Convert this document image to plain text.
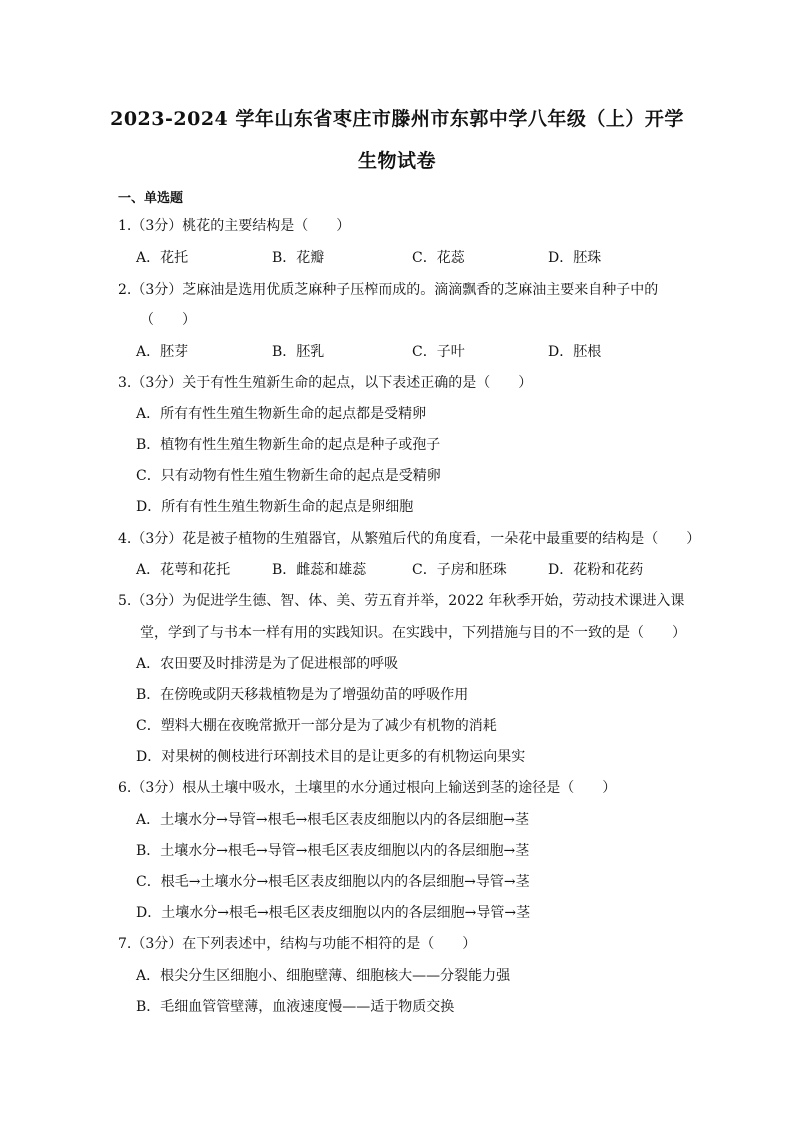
2023-2024 学年山东省枣庄市滕州市东郭中学八年级（上）开学
生物试卷
一、单选题
1.（3分）桃花的主要结构是（　　）
A．花托	B．花瓣	C．花蕊	D．胚珠
2.（3分）芝麻油是选用优质芝麻种子压榨而成的。滴滴飘香的芝麻油主要来自种子中的
（　　）
A．胚芽	B．胚乳	C．子叶	D．胚根
3.（3分）关于有性生殖新生命的起点，以下表述正确的是（　　）
A．所有有性生殖生物新生命的起点都是受精卵
B．植物有性生殖生物新生命的起点是种子或孢子
C．只有动物有性生殖生物新生命的起点是受精卵
D．所有有性生殖生物新生命的起点是卵细胞
4.（3分）花是被子植物的生殖器官，从繁殖后代的角度看，一朵花中最重要的结构是（　　）
A．花萼和花托	B．雌蕊和雄蕊	C．子房和胚珠	D．花粉和花药
5.（3分）为促进学生德、智、体、美、劳五育并举，2022 年秋季开始，劳动技术课进入课
堂，学到了与书本一样有用的实践知识。在实践中，下列措施与目的不一致的是（　　）
A．农田要及时排涝是为了促进根部的呼吸
B．在傍晚或阴天移栽植物是为了增强幼苗的呼吸作用
C．塑料大棚在夜晚常掀开一部分是为了减少有机物的消耗
D．对果树的侧枝进行环割技术目的是让更多的有机物运向果实
6.（3分）根从土壤中吸水，土壤里的水分通过根向上输送到茎的途径是（　　）
A．土壤水分→导管→根毛→根毛区表皮细胞以内的各层细胞→茎
B．土壤水分→根毛→导管→根毛区表皮细胞以内的各层细胞→茎
C．根毛→土壤水分→根毛区表皮细胞以内的各层细胞→导管→茎
D．土壤水分→根毛→根毛区表皮细胞以内的各层细胞→导管→茎
7.（3分）在下列表述中，结构与功能不相符的是（　　）
A．根尖分生区细胞小、细胞壁薄、细胞核大——分裂能力强
B．毛细血管管壁薄，血液速度慢——适于物质交换
